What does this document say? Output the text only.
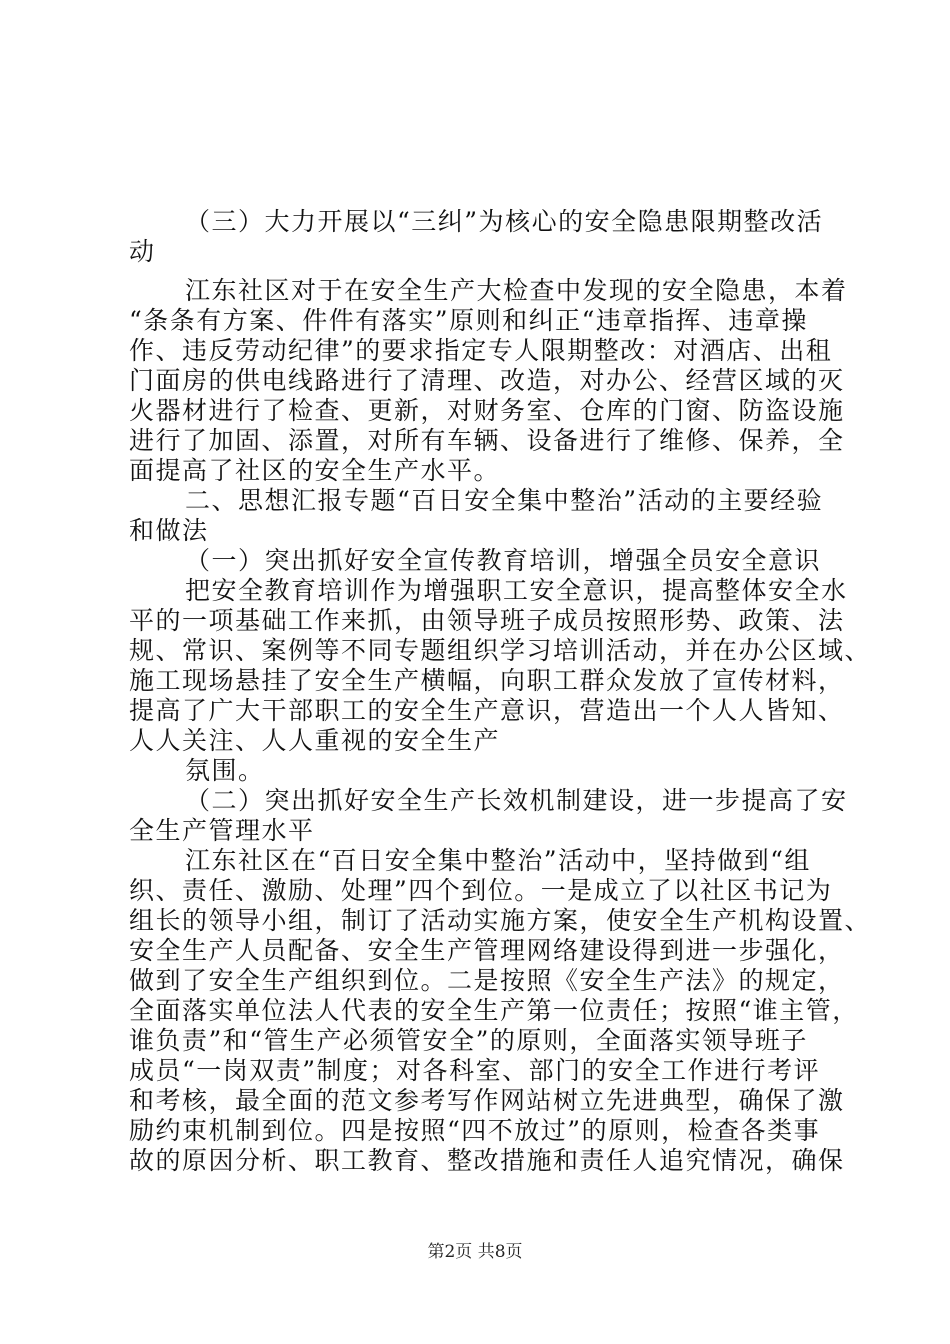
（三）大力开展以“三纠”为核心的安全隐患限期整改活
动
江东社区对于在安全生产大检查中发现的安全隐患，本着
“条条有方案、件件有落实”原则和纠正“违章指挥、违章操
作、违反劳动纪律”的要求指定专人限期整改：对酒店、出租
门面房的供电线路进行了清理、改造，对办公、经营区域的灭
火器材进行了检查、更新，对财务室、仓库的门窗、防盗设施
进行了加固、添置，对所有车辆、设备进行了维修、保养，全
面提高了社区的安全生产水平。
二、思想汇报专题“百日安全集中整治”活动的主要经验
和做法
（一）突出抓好安全宣传教育培训，增强全员安全意识
把安全教育培训作为增强职工安全意识，提高整体安全水
平的一项基础工作来抓，由领导班子成员按照形势、政策、法
规、常识、案例等不同专题组织学习培训活动，并在办公区域、
施工现场悬挂了安全生产横幅，向职工群众发放了宣传材料，
提高了广大干部职工的安全生产意识，营造出一个人人皆知、
人人关注、人人重视的安全生产
氛围。
（二）突出抓好安全生产长效机制建设，进一步提高了安
全生产管理水平
江东社区在“百日安全集中整治”活动中，坚持做到“组
织、责任、激励、处理”四个到位。一是成立了以社区书记为
组长的领导小组，制订了活动实施方案，使安全生产机构设置、
安全生产人员配备、安全生产管理网络建设得到进一步强化，
做到了安全生产组织到位。二是按照《安全生产法》的规定，
全面落实单位法人代表的安全生产第一位责任；按照“谁主管，
谁负责”和“管生产必须管安全”的原则，全面落实领导班子
成员“一岗双责”制度；对各科室、部门的安全工作进行考评
和考核，最全面的范文参考写作网站树立先进典型，确保了激
励约束机制到位。四是按照“四不放过”的原则，检查各类事
故的原因分析、职工教育、整改措施和责任人追究情况，确保
第2页 共8页
